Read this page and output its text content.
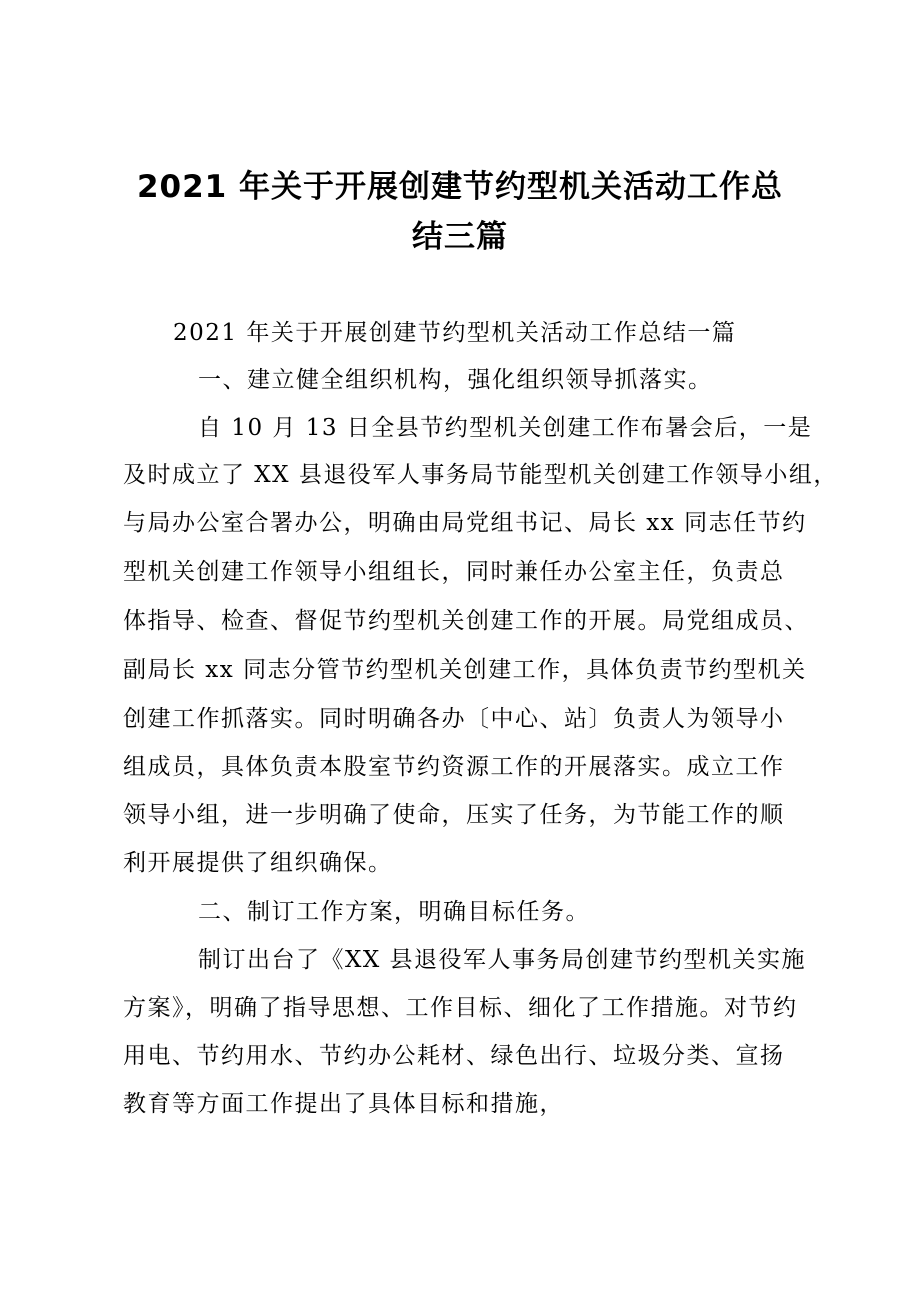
2021 年关于开展创建节约型机关活动工作总
结三篇

2021 年关于开展创建节约型机关活动工作总结一篇

一、建立健全组织机构，强化组织领导抓落实。

自 10 月 13 日全县节约型机关创建工作布暑会后，一是

及时成立了 XX 县退役军人事务局节能型机关创建工作领导小组，

与局办公室合署办公，明确由局党组书记、局长 xx 同志任节约

型机关创建工作领导小组组长，同时兼任办公室主任，负责总

体指导、检查、督促节约型机关创建工作的开展。局党组成员、

副局长 xx 同志分管节约型机关创建工作，具体负责节约型机关

创建工作抓落实。同时明确各办〔中心、站〕负责人为领导小

组成员，具体负责本股室节约资源工作的开展落实。成立工作

领导小组，进一步明确了使命，压实了任务，为节能工作的顺

利开展提供了组织确保。

二、制订工作方案，明确目标任务。

制订出台了《XX 县退役军人事务局创建节约型机关实施

方案》，明确了指导思想、工作目标、细化了工作措施。对节约

用电、节约用水、节约办公耗材、绿色出行、垃圾分类、宣扬

教育等方面工作提出了具体目标和措施，
